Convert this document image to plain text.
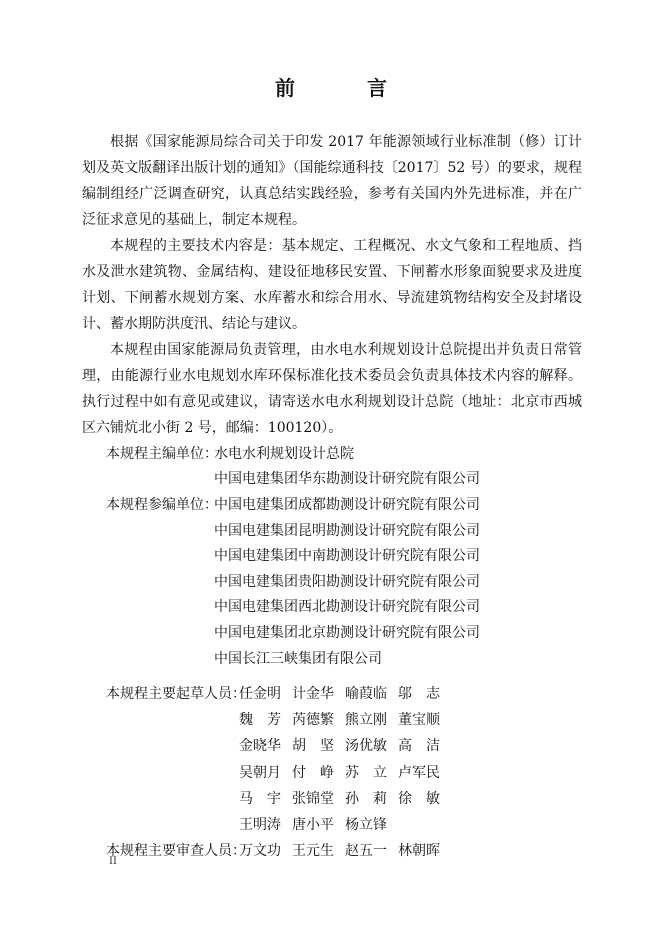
前　言

根据《国家能源局综合司关于印发 2017 年能源领域行业标准制（修）订计划及英文版翻译出版计划的通知》（国能综通科技〔2017〕52 号）的要求，规程编制组经广泛调查研究，认真总结实践经验，参考有关国内外先进标准，并在广泛征求意见的基础上，制定本规程。

本规程的主要技术内容是：基本规定、工程概况、水文气象和工程地质、挡水及泄水建筑物、金属结构、建设征地移民安置、下闸蓄水形象面貌要求及进度计划、下闸蓄水规划方案、水库蓄水和综合用水、导流建筑物结构安全及封堵设计、蓄水期防洪度汛、结论与建议。

本规程由国家能源局负责管理，由水电水利规划设计总院提出并负责日常管理，由能源行业水电规划水库环保标准化技术委员会负责具体技术内容的解释。执行过程中如有意见或建议，请寄送水电水利规划设计总院（地址：北京市西城区六铺炕北小街 2 号，邮编：100120）。

本规程主编单位：
水电水利规划设计总院
中国电建集团华东勘测设计研究院有限公司
本规程参编单位：
中国电建集团成都勘测设计研究院有限公司
中国电建集团昆明勘测设计研究院有限公司
中国电建集团中南勘测设计研究院有限公司
中国电建集团贵阳勘测设计研究院有限公司
中国电建集团西北勘测设计研究院有限公司
中国电建集团北京勘测设计研究院有限公司
中国长江三峡集团有限公司
本规程主要起草人员：
任金明 计金华 喻葭临 邬志
魏芳 芮德繁 熊立刚 董宝顺
金晓华 胡坚 汤优敏 高洁
吴朝月 付峥 苏立 卢军民
马宇 张锦堂 孙莉 徐敏
王明涛 唐小平 杨立锋
本规程主要审查人员：
万文功 王元生 赵五一 林朝晖
II
